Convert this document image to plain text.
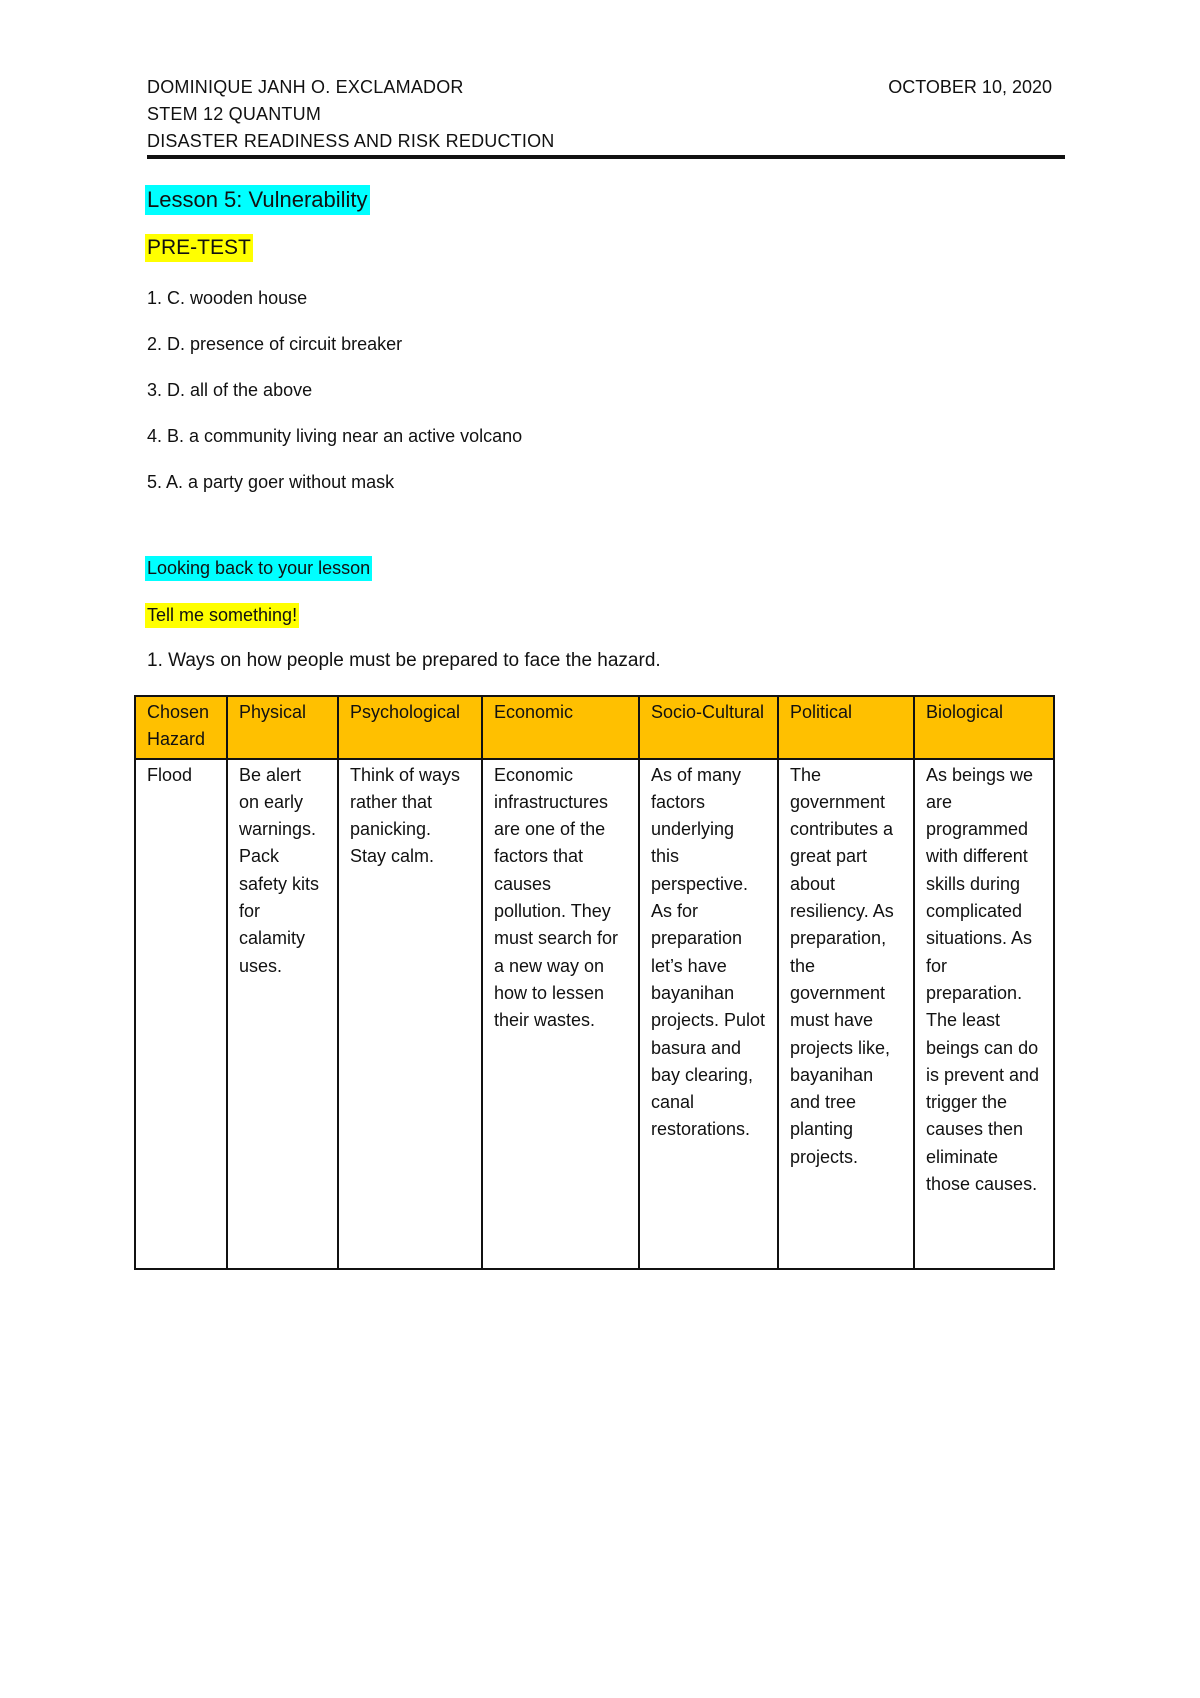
DOMINIQUE JANH O. EXCLAMADOR
STEM 12 QUANTUM
DISASTER READINESS AND RISK REDUCTION
OCTOBER 10, 2020
Lesson 5: Vulnerability
PRE-TEST
1. C. wooden house
2. D. presence of circuit breaker
3. D. all of the above
4. B. a community living near an active volcano
5. A. a party goer without mask
Looking back to your lesson
Tell me something!
1. Ways on how people must be prepared to face the hazard.
Chosen Hazard	Physical	Psychological	Economic	Socio-Cultural	Political	Biological
Flood	Be alert on early warnings. Pack safety kits for calamity uses.	Think of ways rather that panicking. Stay calm.	Economic infrastructures are one of the factors that causes pollution. They must search for a new way on how to lessen their wastes.	As of many factors underlying this perspective. As for preparation let’s have bayanihan projects. Pulot basura and bay clearing, canal restorations.	The government contributes a great part about resiliency. As preparation, the government must have projects like, bayanihan and tree planting projects.	As beings we are programmed with different skills during complicated situations. As for preparation. The least beings can do is prevent and trigger the causes then eliminate those causes.
